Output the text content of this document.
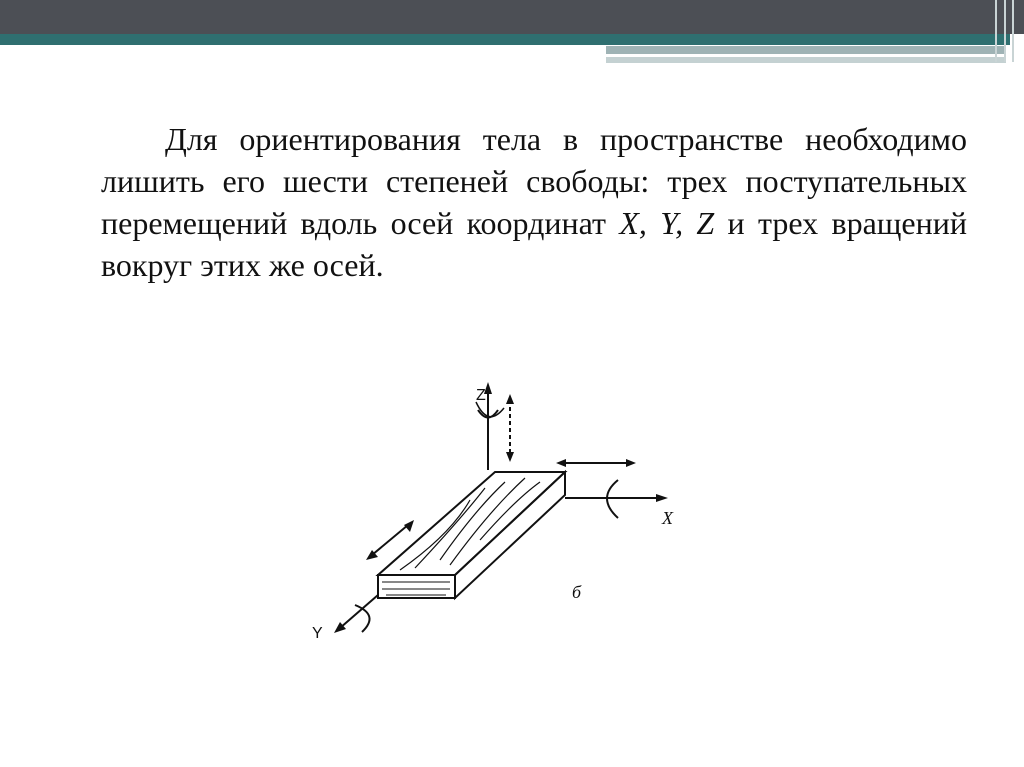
Для ориентирования тела в пространстве необходимо лишить его шести степеней свободы: трех поступательных перемещений вдоль осей координат X, Y, Z и трех вращений вокруг этих же осей.

Z
X
Y
б
